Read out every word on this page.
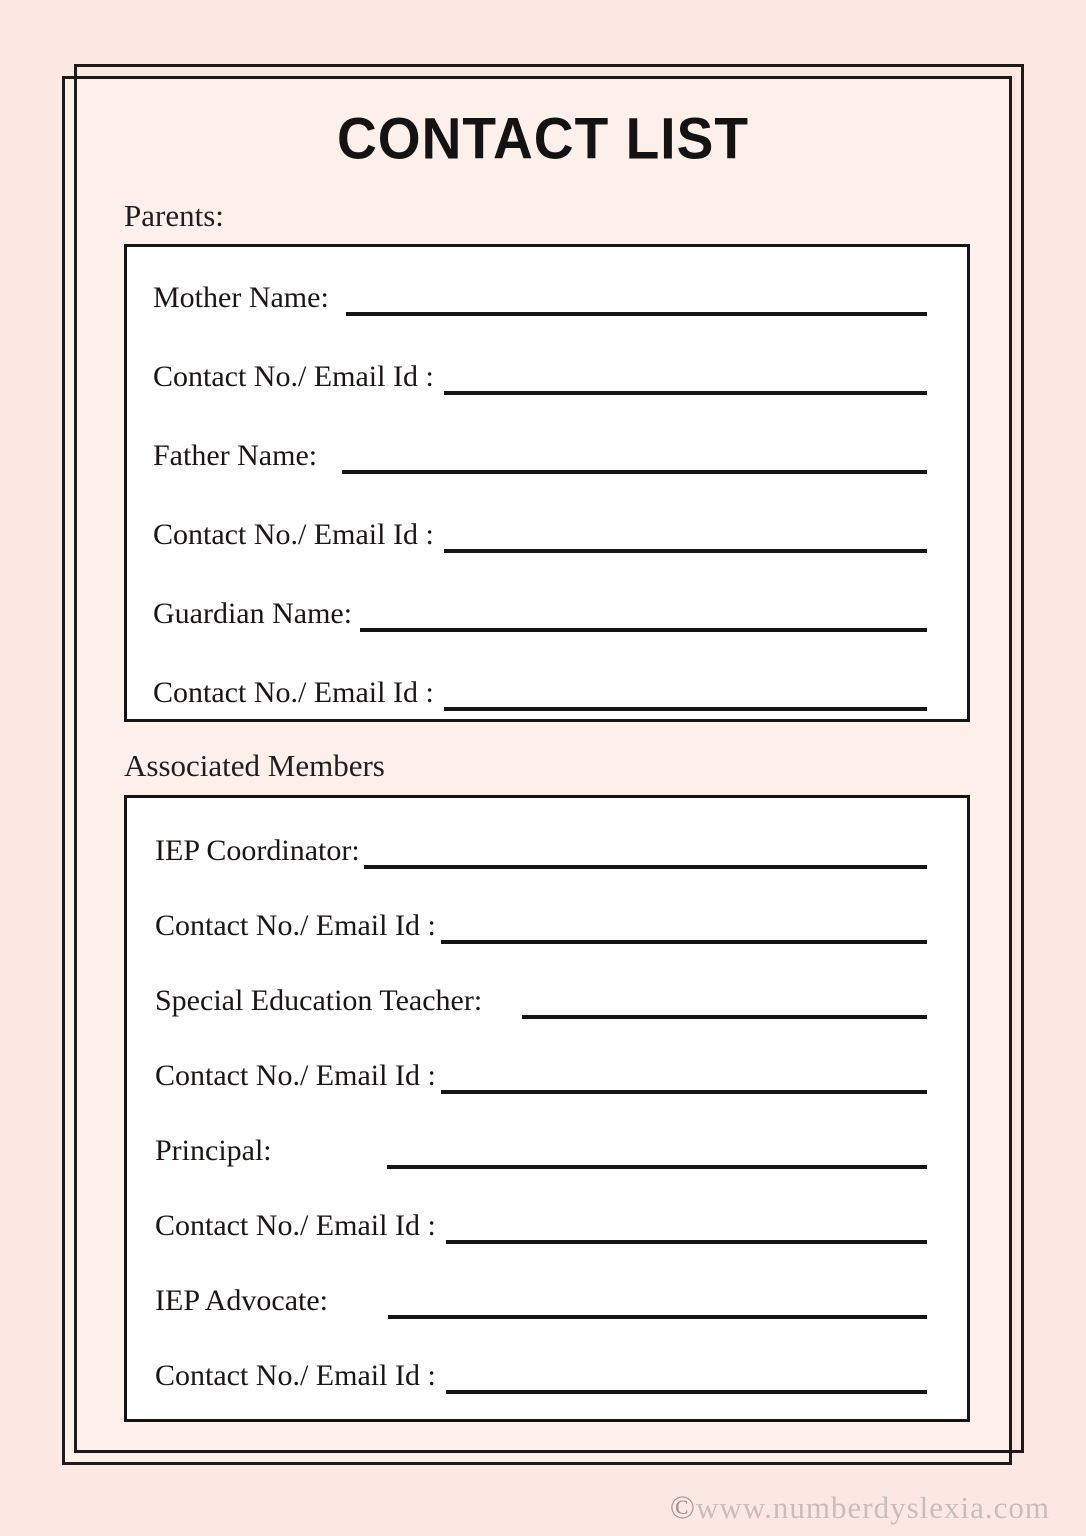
CONTACT LIST
Parents:
Mother Name:
Contact No./ Email Id :
Father Name:
Contact No./ Email Id :
Guardian Name:
Contact No./ Email Id :
Associated Members
IEP Coordinator:
Contact No./ Email Id :
Special Education Teacher:
Contact No./ Email Id :
Principal:
Contact No./ Email Id :
IEP Advocate:
Contact No./ Email Id :
©www.numberdyslexia.com
